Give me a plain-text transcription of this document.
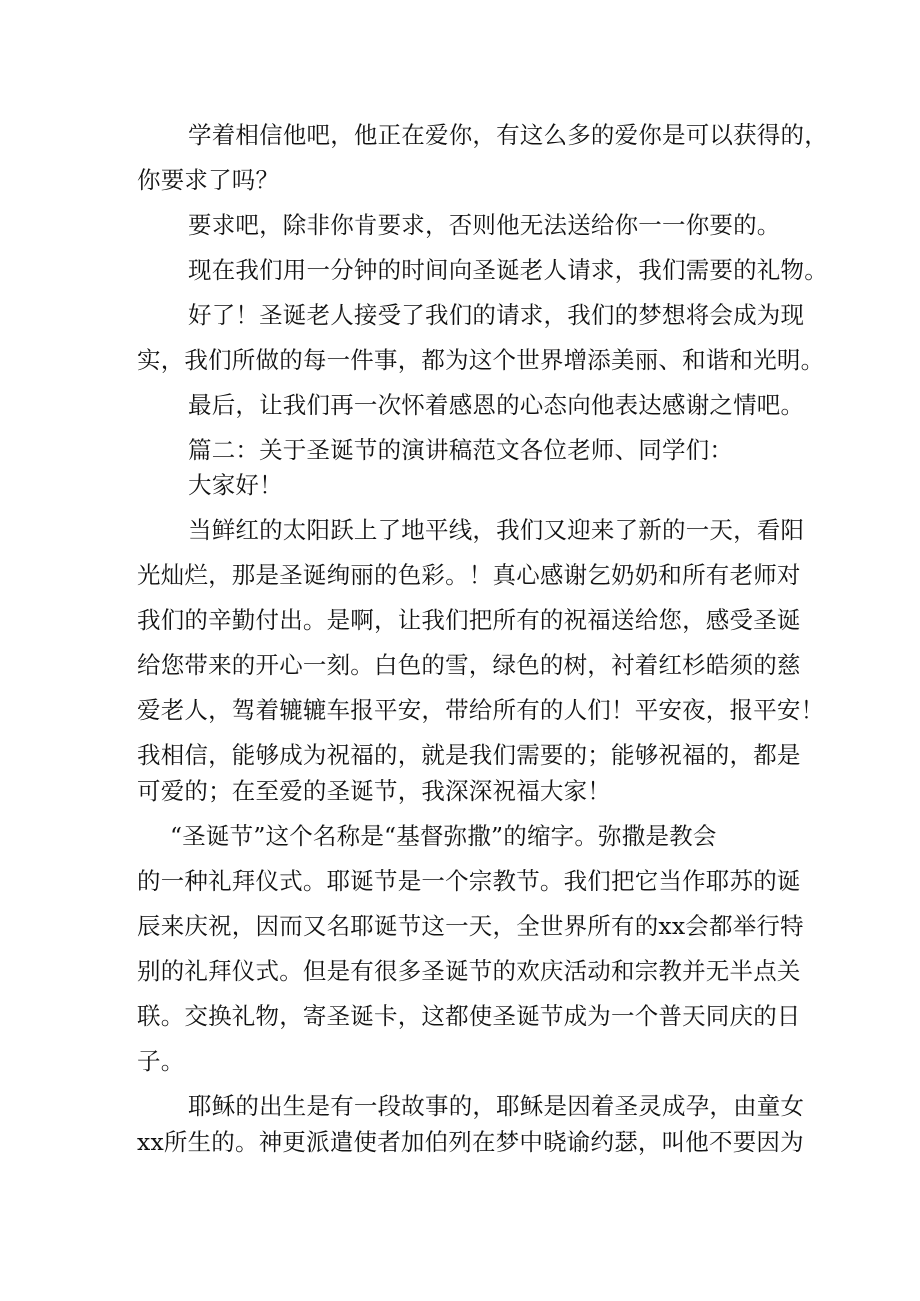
学着相信他吧，他正在爱你，有这么多的爱你是可以获得的，
你要求了吗？
要求吧，除非你肯要求，否则他无法送给你一一你要的。
现在我们用一分钟的时间向圣诞老人请求，我们需要的礼物。
好了！圣诞老人接受了我们的请求，我们的梦想将会成为现
实，我们所做的每一件事，都为这个世界增添美丽、和谐和光明。
最后，让我们再一次怀着感恩的心态向他表达感谢之情吧。
篇二：关于圣诞节的演讲稿范文各位老师、同学们：
大家好！
当鲜红的太阳跃上了地平线，我们又迎来了新的一天，看阳
光灿烂，那是圣诞绚丽的色彩。！真心感谢乞奶奶和所有老师对
我们的辛勤付出。是啊，让我们把所有的祝福送给您，感受圣诞
给您带来的开心一刻。白色的雪，绿色的树，衬着红杉皓须的慈
爱老人，驾着辘辘车报平安，带给所有的人们！平安夜，报平安！
我相信，能够成为祝福的，就是我们需要的；能够祝福的，都是
可爱的；在至爱的圣诞节，我深深祝福大家！
“圣诞节”这个名称是“基督弥撒”的缩字。弥撒是教会
的一种礼拜仪式。耶诞节是一个宗教节。我们把它当作耶苏的诞
辰来庆祝，因而又名耶诞节这一天，全世界所有的xx会都举行特
别的礼拜仪式。但是有很多圣诞节的欢庆活动和宗教并无半点关
联。交换礼物，寄圣诞卡，这都使圣诞节成为一个普天同庆的日
子。
耶稣的出生是有一段故事的，耶稣是因着圣灵成孕，由童女
xx所生的。神更派遣使者加伯列在梦中晓谕约瑟，叫他不要因为
